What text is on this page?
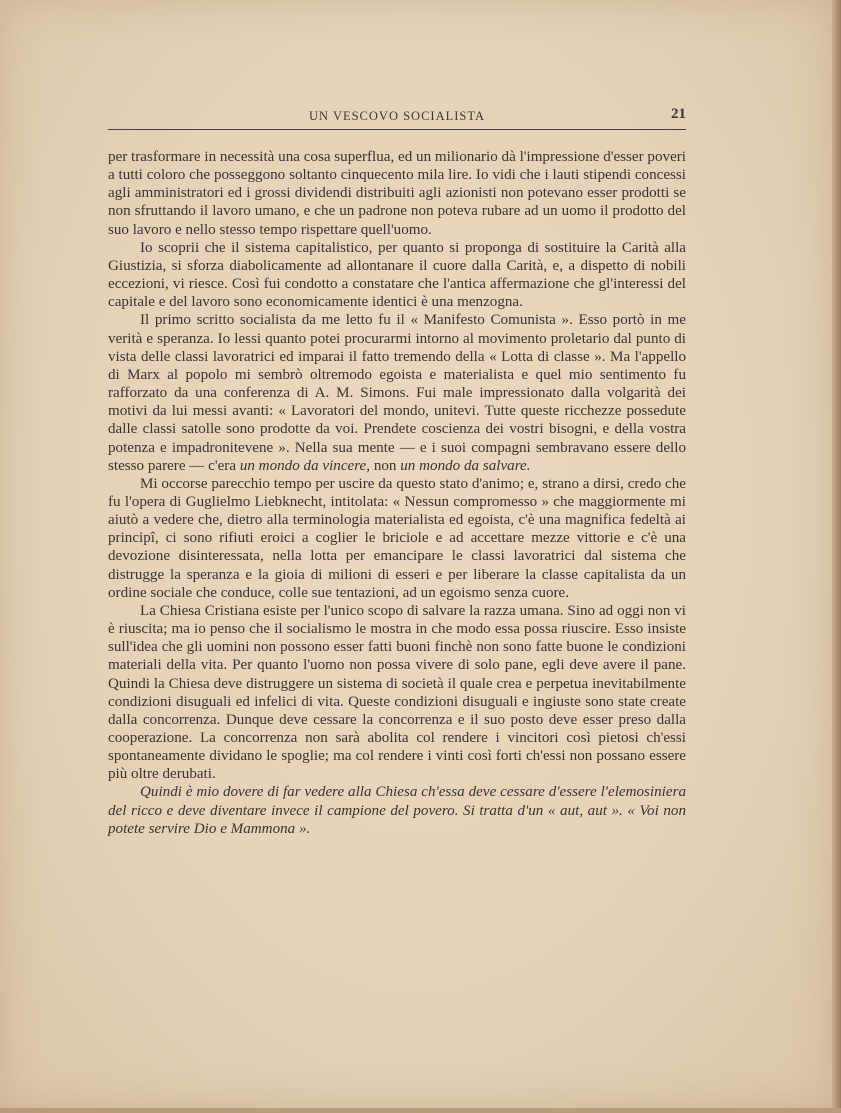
UN VESCOVO SOCIALISTA	21

per trasformare in necessità una cosa superflua, ed un milionario dà l'impressione d'esser poveri a tutti coloro che posseggono soltanto cinquecento mila lire. Io vidi che i lauti stipendi concessi agli amministratori ed i grossi dividendi distribuiti agli azionisti non potevano esser prodotti se non sfruttando il lavoro umano, e che un padrone non poteva rubare ad un uomo il prodotto del suo lavoro e nello stesso tempo rispettare quell'uomo.

Io scoprii che il sistema capitalistico, per quanto si proponga di sostituire la Carità alla Giustizia, si sforza diabolicamente ad allontanare il cuore dalla Carità, e, a dispetto di nobili eccezioni, vi riesce. Così fui condotto a constatare che l'antica affermazione che gl'interessi del capitale e del lavoro sono economicamente identici è una menzogna.

Il primo scritto socialista da me letto fu il « Manifesto Comunista ». Esso portò in me verità e speranza. Io lessi quanto potei procurarmi intorno al movimento proletario dal punto di vista delle classi lavoratrici ed imparai il fatto tremendo della « Lotta di classe ». Ma l'appello di Marx al popolo mi sembrò oltremodo egoista e materialista e quel mio sentimento fu rafforzato da una conferenza di A. M. Simons. Fui male impressionato dalla volgarità dei motivi da lui messi avanti: « Lavoratori del mondo, unitevi. Tutte queste ricchezze possedute dalle classi satolle sono prodotte da voi. Prendete coscienza dei vostri bisogni, e della vostra potenza e impadronitevene ». Nella sua mente — e i suoi compagni sembravano essere dello stesso parere — c'era un mondo da vincere, non un mondo da salvare.

Mi occorse parecchio tempo per uscire da questo stato d'animo; e, strano a dirsi, credo che fu l'opera di Guglielmo Liebknecht, intitolata: « Nessun compromesso » che maggiormente mi aiutò a vedere che, dietro alla terminologia materialista ed egoista, c'è una magnifica fedeltà ai principî, ci sono rifiuti eroici a coglier le briciole e ad accettare mezze vittorie e c'è una devozione disinteressata, nella lotta per emancipare le classi lavoratrici dal sistema che distrugge la speranza e la gioia di milioni di esseri e per liberare la classe capitalista da un ordine sociale che conduce, colle sue tentazioni, ad un egoismo senza cuore.

La Chiesa Cristiana esiste per l'unico scopo di salvare la razza umana. Sino ad oggi non vi è riuscita; ma io penso che il socialismo le mostra in che modo essa possa riuscire. Esso insiste sull'idea che gli uomini non possono esser fatti buoni finchè non sono fatte buone le condizioni materiali della vita. Per quanto l'uomo non possa vivere di solo pane, egli deve avere il pane. Quindi la Chiesa deve distruggere un sistema di società il quale crea e perpetua inevitabilmente condizioni disuguali ed infelici di vita. Queste condizioni disuguali e ingiuste sono state create dalla concorrenza. Dunque deve cessare la concorrenza e il suo posto deve esser preso dalla cooperazione. La concorrenza non sarà abolita col rendere i vincitori così pietosi ch'essi spontaneamente dividano le spoglie; ma col rendere i vinti così forti ch'essi non possano essere più oltre derubati.

Quindi è mio dovere di far vedere alla Chiesa ch'essa deve cessare d'essere l'elemosiniera del ricco e deve diventare invece il campione del povero. Si tratta d'un « aut, aut ». « Voi non potete servire Dio e Mammona ».
